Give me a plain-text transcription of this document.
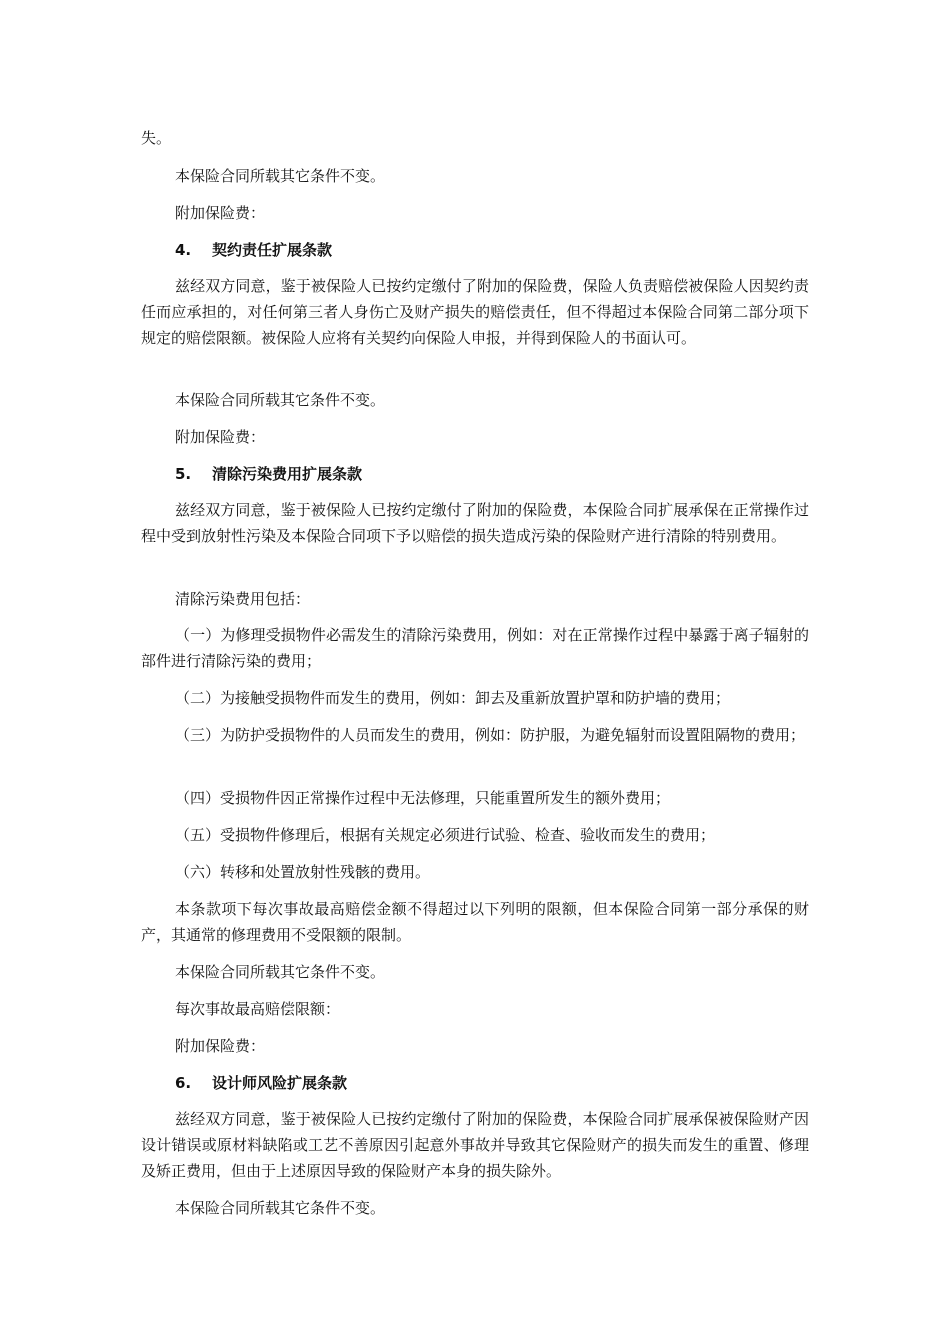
失。

本保险合同所载其它条件不变。

附加保险费：

4. 契约责任扩展条款

兹经双方同意，鉴于被保险人已按约定缴付了附加的保险费，保险人负责赔偿被保险人因契约责任而应承担的，对任何第三者人身伤亡及财产损失的赔偿责任，但不得超过本保险合同第二部分项下规定的赔偿限额。被保险人应将有关契约向保险人申报，并得到保险人的书面认可。

本保险合同所载其它条件不变。

附加保险费：

5. 清除污染费用扩展条款

兹经双方同意，鉴于被保险人已按约定缴付了附加的保险费，本保险合同扩展承保在正常操作过程中受到放射性污染及本保险合同项下予以赔偿的损失造成污染的保险财产进行清除的特别费用。

清除污染费用包括：

（一）为修理受损物件必需发生的清除污染费用，例如：对在正常操作过程中暴露于离子辐射的部件进行清除污染的费用；

（二）为接触受损物件而发生的费用，例如：卸去及重新放置护罩和防护墙的费用；

（三）为防护受损物件的人员而发生的费用，例如：防护服，为避免辐射而设置阻隔物的费用；

（四）受损物件因正常操作过程中无法修理，只能重置所发生的额外费用；

（五）受损物件修理后，根据有关规定必须进行试验、检查、验收而发生的费用；

（六）转移和处置放射性残骸的费用。

本条款项下每次事故最高赔偿金额不得超过以下列明的限额，但本保险合同第一部分承保的财产，其通常的修理费用不受限额的限制。

本保险合同所载其它条件不变。

每次事故最高赔偿限额：

附加保险费：

6. 设计师风险扩展条款

兹经双方同意，鉴于被保险人已按约定缴付了附加的保险费，本保险合同扩展承保被保险财产因设计错误或原材料缺陷或工艺不善原因引起意外事故并导致其它保险财产的损失而发生的重置、修理及矫正费用，但由于上述原因导致的保险财产本身的损失除外。

本保险合同所载其它条件不变。
